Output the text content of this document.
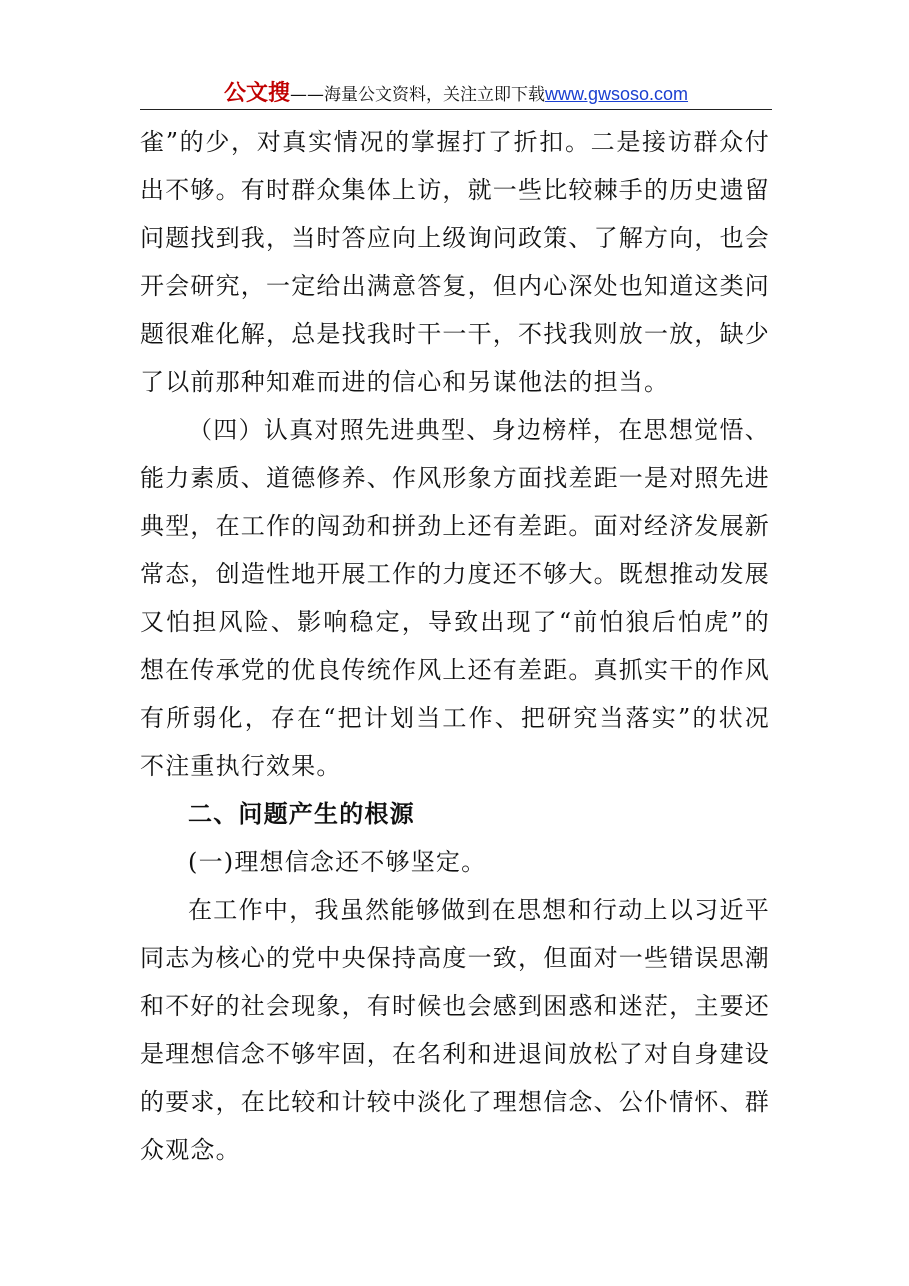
公文搜——海量公文资料，关注立即下载www.gwsoso.com

雀”的少，对真实情况的掌握打了折扣。二是接访群众付出不够。有时群众集体上访，就一些比较棘手的历史遗留问题找到我，当时答应向上级询问政策、了解方向，也会开会研究，一定给出满意答复，但内心深处也知道这类问题很难化解，总是找我时干一干，不找我则放一放，缺少了以前那种知难而进的信心和另谋他法的担当。

（四）认真对照先进典型、身边榜样，在思想觉悟、能力素质、道德修养、作风形象方面找差距一是对照先进典型，在工作的闯劲和拼劲上还有差距。面对经济发展新常态，创造性地开展工作的力度还不够大。既想推动发展又怕担风险、影响稳定，导致出现了“前怕狼后怕虎”的想在传承党的优良传统作风上还有差距。真抓实干的作风有所弱化，存在“把计划当工作、把研究当落实”的状况不注重执行效果。

二、问题产生的根源

(一)理想信念还不够坚定。

在工作中，我虽然能够做到在思想和行动上以习近平同志为核心的党中央保持高度一致，但面对一些错误思潮和不好的社会现象，有时候也会感到困惑和迷茫，主要还是理想信念不够牢固，在名利和进退间放松了对自身建设的要求，在比较和计较中淡化了理想信念、公仆情怀、群众观念。
